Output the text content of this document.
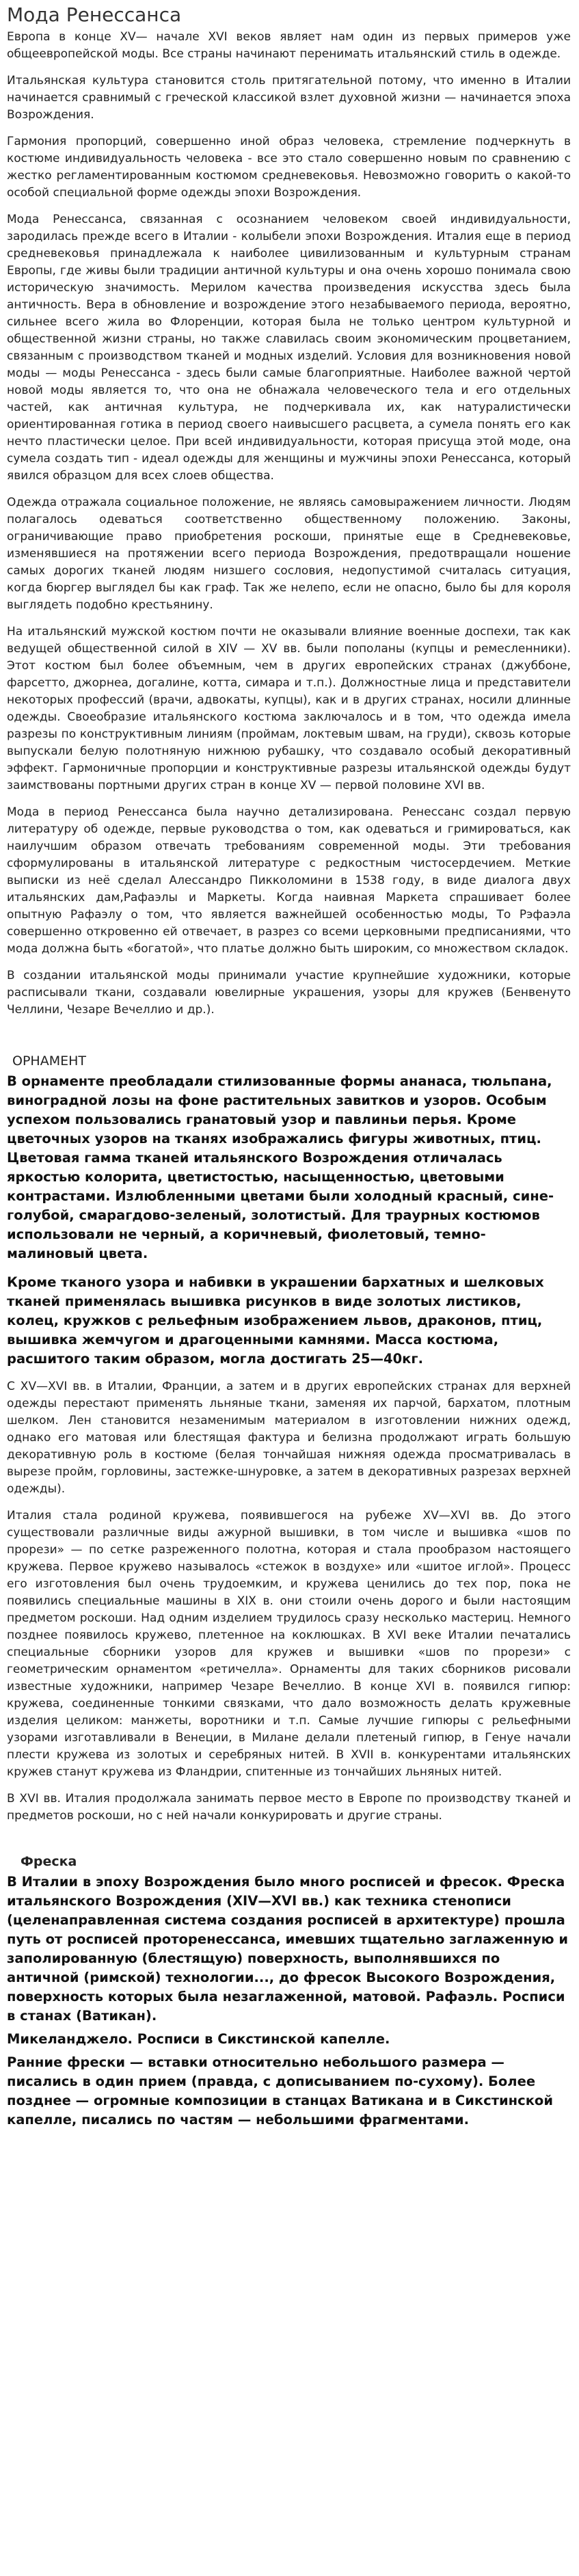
Мода Ренессанса

Европа в конце XV— начале XVI веков являет нам один из первых примеров уже общеевропейской моды. Все страны начинают перенимать итальянский стиль в одежде.

Итальянская культура становится столь притягательной потому, что именно в Италии начинается сравнимый с греческой классикой взлет духовной жизни — начинается эпоха Возрождения.

Гармония пропорций, совершенно иной образ человека, стремление подчеркнуть в костюме индивидуальность человека - все это стало совершенно новым по сравнению с жестко регламентированным костюмом средневековья. Невозможно говорить о какой-то особой специальной форме одежды эпохи Возрождения.

Мода Ренессанса, связанная с осознанием человеком своей индивидуальности, зародилась прежде всего в Италии - колыбели эпохи Возрождения. Италия еще в период средневековья принадлежала к наиболее цивилизованным и культурным странам Европы, где живы были традиции античной культуры и она очень хорошо понимала свою историческую значимость. Мерилом качества произведения искусства здесь была античность. Вера в обновление и возрождение этого незабываемого периода, вероятно, сильнее всего жила во Флоренции, которая была не только центром культурной и общественной жизни страны, но также славилась своим экономическим процветанием, связанным с производством тканей и модных изделий. Условия для возникновения новой моды — моды Ренессанса - здесь были самые благоприятные. Наиболее важной чертой новой моды является то, что она не обнажала человеческого тела и его отдельных частей, как античная культура, не подчеркивала их, как натуралистически ориентированная готика в период своего наивысшего расцвета, а сумела понять его как нечто пластически целое. При всей индивидуальности, которая присуща этой моде, она сумела создать тип - идеал одежды для женщины и мужчины эпохи Ренессанса, который явился образцом для всех слоев общества.

Одежда отражала социальное положение, не являясь самовыражением личности. Людям полагалось одеваться соответственно общественному положению. Законы, ограничивающие право приобретения роскоши, принятые еще в Средневековье, изменявшиеся на протяжении всего периода Возрождения, предотвращали ношение самых дорогих тканей людям низшего сословия, недопустимой считалась ситуация, когда бюргер выглядел бы как граф. Так же нелепо, если не опасно, было бы для короля выглядеть подобно крестьянину.

На итальянский мужской костюм почти не оказывали влияние военные доспехи, так как ведущей общественной силой в XIV — XV вв. были пополаны (купцы и ремесленники). Этот костюм был более объемным, чем в других европейских странах (джуббоне, фарсетто, джорнеа, догалине, котта, симара и т.п.). Должностные лица и представители некоторых профессий (врачи, адвокаты, купцы), как и в других странах, носили длинные одежды. Своеобразие итальянского костюма заключалось и в том, что одежда имела разрезы по конструктивным линиям (проймам, локтевым швам, на груди), сквозь которые выпускали белую полотняную нижнюю рубашку, что создавало особый декоративный эффект. Гармоничные пропорции и конструктивные разрезы итальянской одежды будут заимствованы портными других стран в конце XV — первой половине XVI вв.

Мода в период Ренессанса была научно детализирована. Ренессанс создал первую литературу об одежде, первые руководства о том, как одеваться и гримироваться, как наилучшим образом отвечать требованиям современной моды. Эти требования сформулированы в итальянской литературе с редкостным чистосердечием. Меткие выписки из неё сделал Алессандро Пикколомини в 1538 году, в виде диалога двух итальянских дам,Рафаэлы и Маркеты. Когда наивная Маркета спрашивает более опытную Рафаэлу о том, что является важнейшей особенностью моды, То Рэфаэла совершенно откровенно ей отвечает, в разрез со всеми церковными предписаниями, что мода должна быть «богатой», что платье должно быть широким, со множеством складок.

В создании итальянской моды принимали участие крупнейшие художники, которые расписывали ткани, создавали ювелирные украшения, узоры для кружев (Бенвенуто Челлини, Чезаре Вечеллио и др.).

ОРНАМЕНТ

В орнаменте преобладали стилизованные формы ананаса, тюльпана, виноградной лозы на фоне растительных завитков и узоров. Особым успехом пользовались гранатовый узор и павлиньи перья. Кроме цветочных узоров на тканях изображались фигуры животных, птиц. Цветовая гамма тканей итальянского Возрождения отличалась яркостью колорита, цветистостью, насыщенностью, цветовыми контрастами. Излюбленными цветами были холодный красный, сине-голубой, смарагдово-зеленый, золотистый. Для траурных костюмов использовали не черный, а коричневый, фиолетовый, темно-малиновый цвета.

Кроме тканого узора и набивки в украшении бархатных и шелковых тканей применялась вышивка рисунков в виде золотых листиков, колец, кружков с рельефным изображением львов, драконов, птиц, вышивка жемчугом и драгоценными камнями. Масса костюма, расшитого таким образом, могла достигать 25—40кг.

С XV—XVI вв. в Италии, Франции, а затем и в других европейских странах для верхней одежды перестают применять льняные ткани, заменяя их парчой, бархатом, плотным шелком. Лен становится незаменимым материалом в изготовлении нижних одежд, однако его матовая или блестящая фактура и белизна продолжают играть большую декоративную роль в костюме (белая тончайшая нижняя одежда просматривалась в вырезе пройм, горловины, застежке-шнуровке, а затем в декоративных разрезах верхней одежды).

Италия стала родиной кружева, появившегося на рубеже XV—XVI вв. До этого существовали различные виды ажурной вышивки, в том числе и вышивка «шов по прорези» — по сетке разреженного полотна, которая и стала прообразом настоящего кружева. Первое кружево называлось «стежок в воздухе» или «шитое иглой». Процесс его изготовления был очень трудоемким, и кружева ценились до тех пор, пока не появились специальные машины в XIX в. они стоили очень дорого и были настоящим предметом роскоши. Над одним изделием трудилось сразу несколько мастериц. Немного позднее появилось кружево, плетенное на коклюшках. В XVI веке Италии печатались специальные сборники узоров для кружев и вышивки «шов по прорези» с геометрическим орнаментом «ретичелла». Орнаменты для таких сборников рисовали известные художники, например Чезаре Вечеллио. В конце XVI в. появился гипюр: кружева, соединенные тонкими связками, что дало возможность делать кружевные изделия целиком: манжеты, воротники и т.п. Самые лучшие гипюры с рельефными узорами изготавливали в Венеции, в Милане делали плетеный гипюр, в Генуе начали плести кружева из золотых и серебряных нитей. В XVII в. конкурентами итальянских кружев станут кружева из Фландрии, спитенные из тончайших льняных нитей.

В XVI вв. Италия продолжала занимать первое место в Европе по производству тканей и предметов роскоши, но с ней начали конкурировать и другие страны.

Фреска

В Италии в эпоху Возрождения было много росписей и фресок. Фреска итальянского Возрождения (XIV—XVI вв.) как техника стенописи (целенаправленная система создания росписей в архитектуре) прошла путь от росписей проторенессанса, имевших тщательно заглаженную и заполированную (блестящую) поверхность, выполнявшихся по античной (римской) технологии..., до фресок Высокого Возрождения, поверхность которых была незаглаженной, матовой. Рафаэль. Росписи в станах (Ватикан).

Микеланджело. Росписи в Сикстинской капелле.

Ранние фрески — вставки относительно небольшого размера — писались в один прием (правда, с дописыванием по-сухому). Более позднее — огромные композиции в станцах Ватикана и в Сикстинской капелле, писались по частям — небольшими фрагментами.
